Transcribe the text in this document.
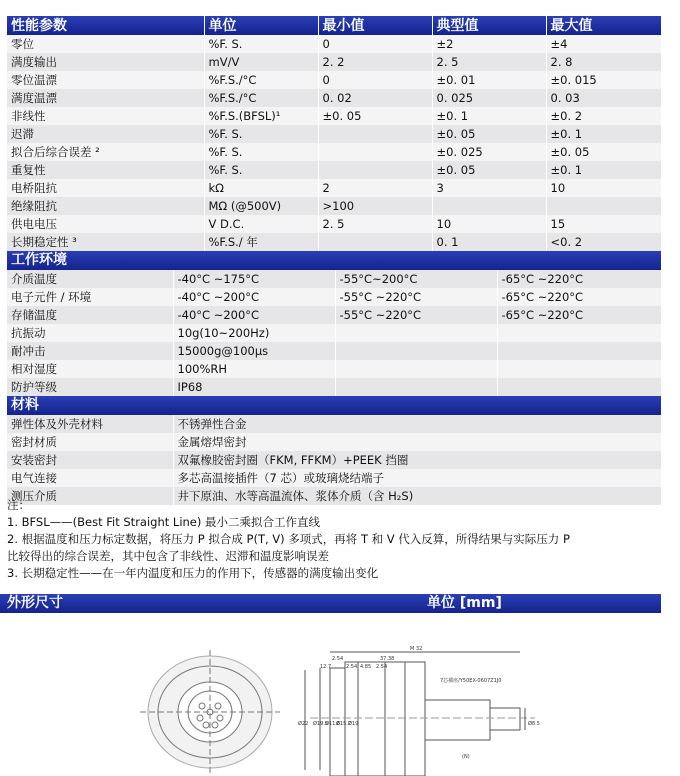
性能参数	单位	最小值	典型值	最大值
零位	%F. S.	0	±2	±4
满度输出	mV/V	2. 2	2. 5	2. 8
零位温漂	%F.S./°C	0	±0. 01	±0. 015
满度温漂	%F.S./°C	0. 02	0. 025	0. 03
非线性	%F.S.(BFSL)¹	±0. 05	±0. 1	±0. 2
迟滞	%F. S.		±0. 05	±0. 1
拟合后综合误差 ²	%F. S.		±0. 025	±0. 05
重复性	%F. S.		±0. 05	±0. 1
电桥阻抗	kΩ	2	3	10
绝缘阻抗	MΩ (@500V)	>100		
供电电压	V D.C.	2. 5	10	15
长期稳定性 ³	%F.S./ 年		0. 1	<0. 2
工作环境
介质温度	-40°C ~175°C	-55°C~200°C	-65°C ~220°C
电子元件 / 环境	-40°C ~200°C	-55°C ~220°C	-65°C ~220°C
存储温度	-40°C ~200°C	-55°C ~220°C	-65°C ~220°C
抗振动	10g(10~200Hz)		
耐冲击	15000g@100μs		
相对湿度	100%RH		
防护等级	IP68		
材料
弹性体及外壳材料	不锈弹性合金
密封材质	金属熔焊密封
安装密封	双氟橡胶密封圈（FKM, FFKM）+PEEK 挡圈
电气连接	多芯高温接插件（7 芯）或玻璃烧结端子
测压介质	井下原油、水等高温流体、浆体介质（含 H₂S)
注：
1. BFSL——(Best Fit Straight Line) 最小二乘拟合工作直线
2. 根据温度和压力标定数据，将压力 P 拟合成 P(T, V) 多项式，再将 T 和 V 代入反算，所得结果与实际压力 P
比较得出的综合误差，其中包含了非线性、迟滞和温度影响误差
3. 长期稳定性——在一年内温度和压力的作用下，传感器的满度输出变化
外形尺寸	单位 [mm]
M 32
37.38
2.54
2.54 4.85 2.54
12.7
Ø22 Ø19.5
Ø11.6
Ø15.2
Ø19	Ø8.5
(N)
7芯插座/Y50EX-0607Z1J0
